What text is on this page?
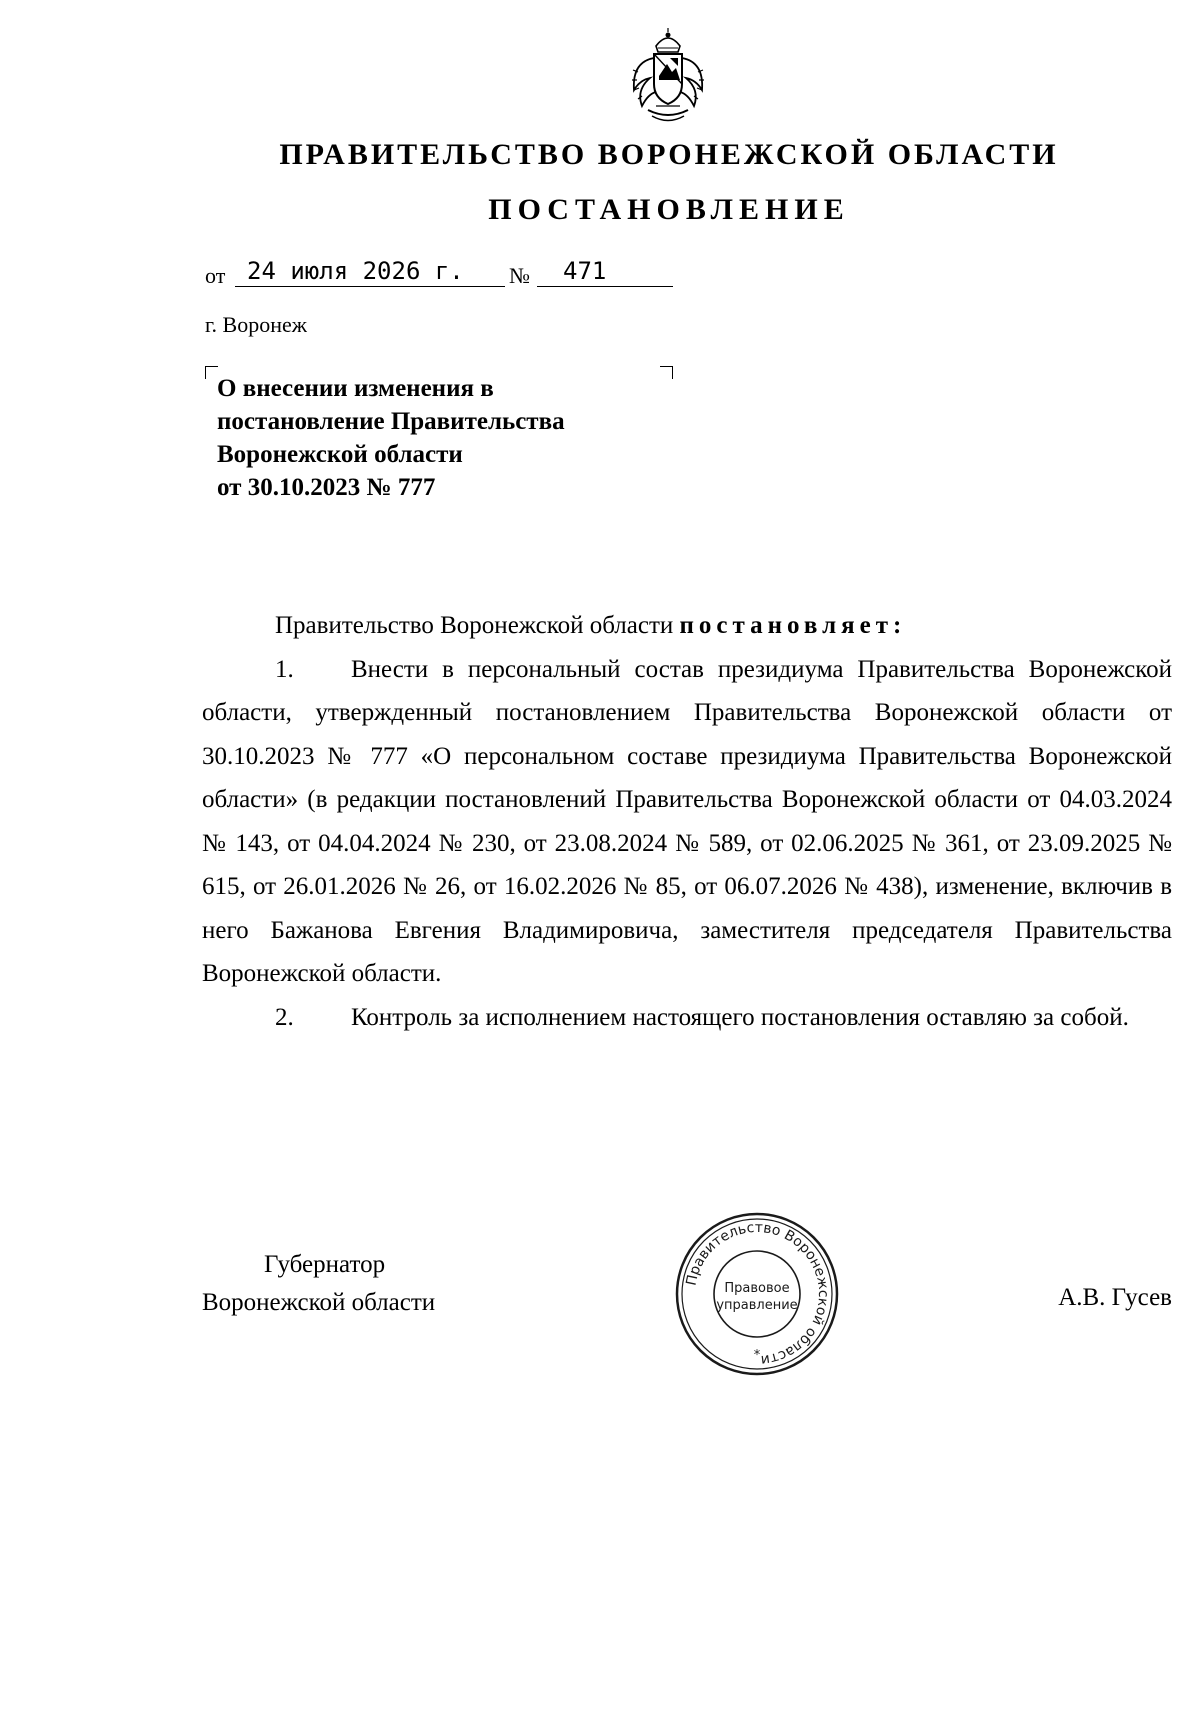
ПРАВИТЕЛЬСТВО ВОРОНЕЖСКОЙ ОБЛАСТИ
ПОСТАНОВЛЕНИЕ
от 24 июля 2026 г.	№	471
г. Воронеж
О внесении изменения в
постановление Правительства
Воронежской области
от 30.10.2023 № 777
Правительство Воронежской области постановляет:

1. Внести в персональный состав президиума Правительства Воронежской области, утвержденный постановлением Правительства Воронежской области от 30.10.2023 № 777 «О персональном составе президиума Правительства Воронежской области» (в редакции постановлений Правительства Воронежской области от 04.03.2024 № 143, от 04.04.2024 № 230, от 23.08.2024 № 589, от 02.06.2025 № 361, от 23.09.2025 № 615, от 26.01.2026 № 26, от 16.02.2026 № 85, от 06.07.2026 № 438), изменение, включив в него Бажанова Евгения Владимировича, заместителя председателя Правительства Воронежской области.

2. Контроль за исполнением настоящего постановления оставляю за собой.

Губернатор
Воронежской области
Правительство Воронежской области
Правовое
управление
*
А.В. Гусев
